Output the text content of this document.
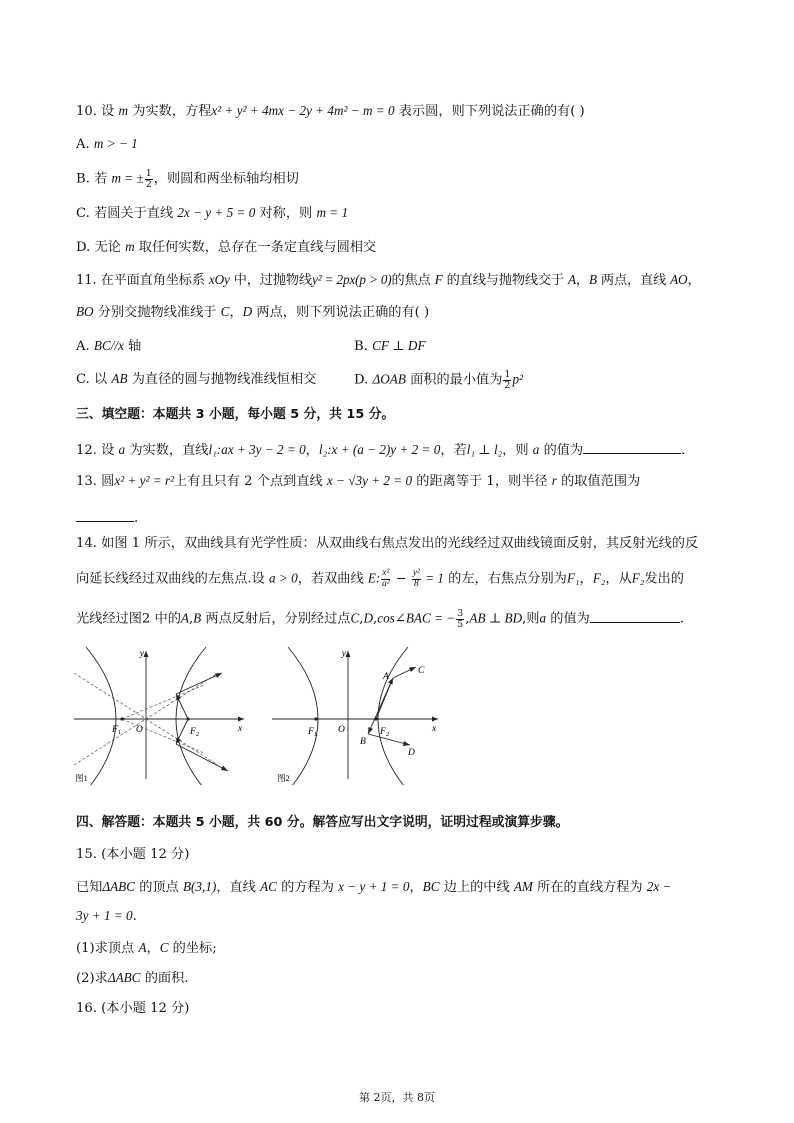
10. 设 m 为实数，方程x² + y² + 4mx − 2y + 4m² − m = 0 表示圆，则下列说法正确的有( )
A. m > − 1
B. 若 m = ± $\frac{1}{2}$ ，则圆和两坐标轴均相切
C. 若圆关于直线 2x − y + 5 = 0 对称，则 m = 1
D. 无论 m 取任何实数，总存在一条定直线与圆相交
11. 在平面直角坐标系 xOy 中，过抛物线y² = 2px(p > 0)的焦点 F 的直线与抛物线交于 A，B 两点，直线 AO，
BO 分别交抛物线准线于 C，D 两点，则下列说法正确的有( )
A. BC//x 轴	B. CF ⊥ DF
C. 以 AB 为直径的圆与抛物线准线恒相交	D. ΔOAB 面积的最小值为 $\frac{1}{2} p^2$
三、填空题：本题共 3 小题，每小题 5 分，共 15 分。
12. 设 a 为实数，直线l₁:ax + 3y − 2 = 0，l₂:x + (a − 2)y + 2 = 0，若l₁ ⊥ l₂，则 a 的值为	.
13. 圆x² + y² = r²上有且只有 2 个点到直线 x − √3y + 2 = 0 的距离等于 1，则半径 r 的取值范围为
.
14. 如图 1 所示，双曲线具有光学性质：从双曲线右焦点发出的光线经过双曲线镜面反射，其反射光线的反
向延长线经过双曲线的左焦点.设 a > 0，若双曲线 E: $\frac{\text{x²}}{\text{a²}} - \frac{\text{y²}}{8} = 1$ 的左，右焦点分别为F₁，F₂，从F₂发出的
光线经过图2 中的A,B 两点反射后，分别经过点C,D,cos∠BAC = − $\frac{3}{5} ,AB$ ⊥ BD,则a 的值为	.
y
x
O
$F_1$	$F_2$
图1
y
x
O
$F_1$	$F_2$
A
B
C
D
图2
四、解答题：本题共 5 小题，共 60 分。解答应写出文字说明，证明过程或演算步骤。
15. (本小题 12 分)
已知ΔABC 的顶点 B(3,1)，直线 AC 的方程为 x − y + 1 = 0，BC 边上的中线 AM 所在的直线方程为 2x −
3y + 1 = 0.
(1)求顶点 A，C 的坐标;
(2)求ΔABC 的面积.
16. (本小题 12 分)
第 2页，共 8页
